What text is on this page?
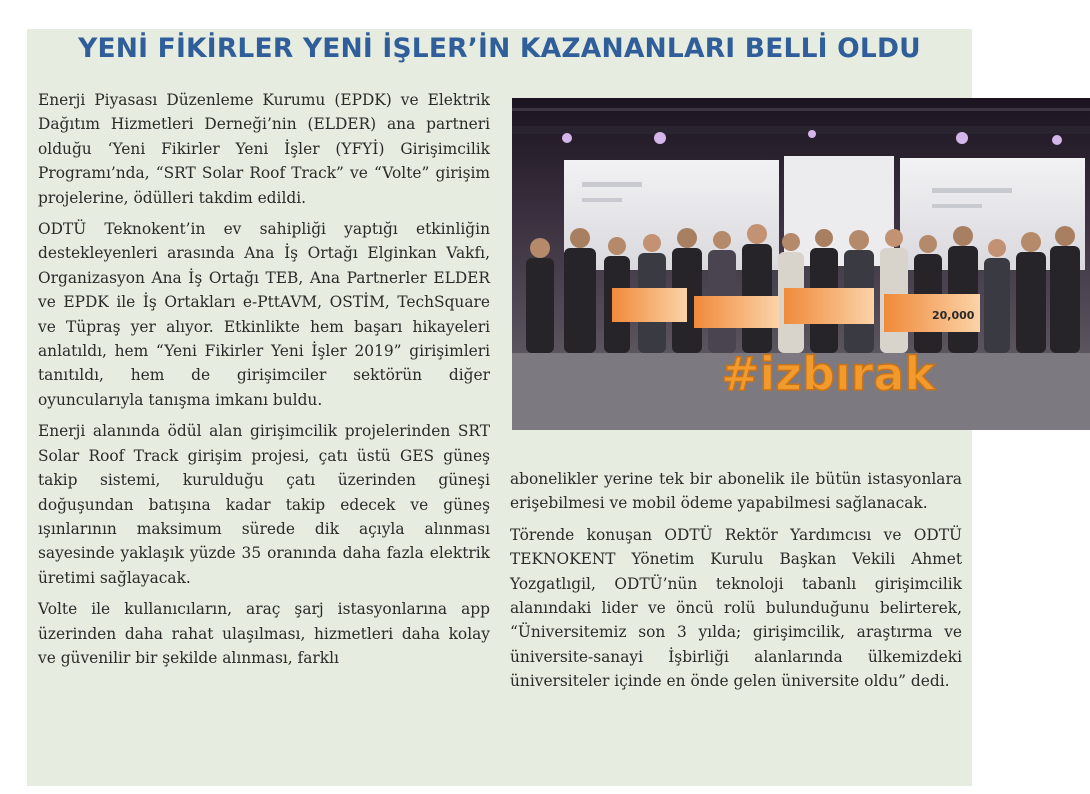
YENİ FİKİRLER YENİ İŞLER’İN KAZANANLARI BELLİ OLDU

Enerji Piyasası Düzenleme Kurumu (EPDK) ve Elektrik Dağıtım Hizmetleri Derneği’nin (ELDER) ana partneri olduğu ‘Yeni Fikirler Yeni İşler (YFYİ) Girişimcilik Programı’nda, “SRT Solar Roof Track” ve “Volte” girişim projelerine, ödülleri takdim edildi.

ODTÜ Teknokent’in ev sahipliği yaptığı etkinliğin destekleyenleri arasında Ana İş Ortağı Elginkan Vakfı, Organizasyon Ana İş Ortağı TEB, Ana Partnerler ELDER ve EPDK ile İş Ortakları e-PttAVM, OSTİM, TechSquare ve Tüpraş yer alıyor. Etkinlikte hem başarı hikayeleri anlatıldı, hem “Yeni Fikirler Yeni İşler 2019” girişimleri tanıtıldı, hem de girişimciler sektörün diğer oyuncularıyla tanışma imkanı buldu.

Enerji alanında ödül alan girişimcilik projelerinden SRT Solar Roof Track girişim projesi, çatı üstü GES güneş takip sistemi, kurulduğu çatı üzerinden güneşi doğuşundan batışına kadar takip edecek ve güneş ışınlarının maksimum sürede dik açıyla alınması sayesinde yaklaşık yüzde 35 oranında daha fazla elektrik üretimi sağlayacak.

Volte ile kullanıcıların, araç şarj istasyonlarına app üzerinden daha rahat ulaşılması, hizmetleri daha kolay ve güvenilir bir şekilde alınması, farklı

20,000
#izbırak

abonelikler yerine tek bir abonelik ile bütün istasyonlara erişebilmesi ve mobil ödeme yapabilmesi sağlanacak.

Törende konuşan ODTÜ Rektör Yardımcısı ve ODTÜ TEKNOKENT Yönetim Kurulu Başkan Vekili Ahmet Yozgatlıgil, ODTÜ’nün teknoloji tabanlı girişimcilik alanındaki lider ve öncü rolü bulunduğunu belirterek, “Üniversitemiz son 3 yılda; girişimcilik, araştırma ve üniversite-sanayi İşbirliği alanlarında ülkemizdeki üniversiteler içinde en önde gelen üniversite oldu” dedi.
